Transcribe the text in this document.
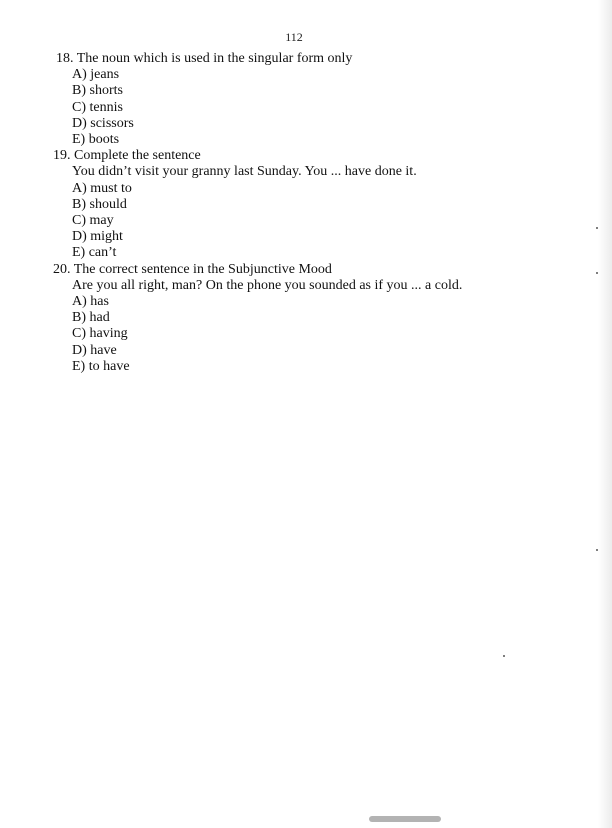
112
18. The noun which is used in the singular form only
A) jeans
B) shorts
C) tennis
D) scissors
E) boots
19. Complete the sentence
You didn’t visit your granny last Sunday. You ... have done it.
A) must to
B) should
C) may
D) might
E) can’t
20. The correct sentence in the Subjunctive Mood
Are you all right, man? On the phone you sounded as if you ... a cold.
A) has
B) had
C) having
D) have
E) to have
